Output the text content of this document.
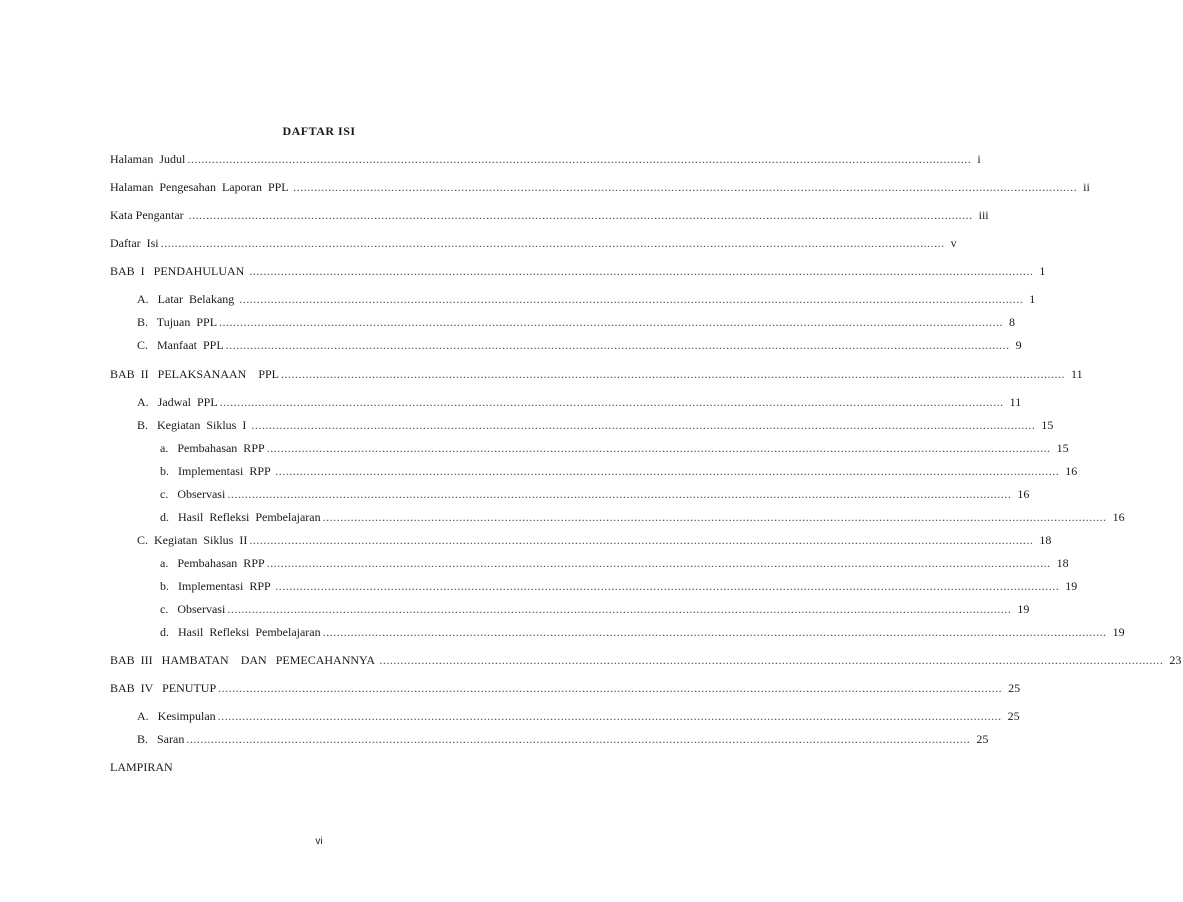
DAFTAR ISI
Halaman  Judul ................................................................................................................................................................................................................................ i
Halaman  Pengesahan  Laporan  PPL ................................................................................................................................................................................................................................ ii
Kata Pengantar ................................................................................................................................................................................................................................ iii
Daftar  Isi ................................................................................................................................................................................................................................ v
BAB  I   PENDAHULUAN ................................................................................................................................................................................................................................ 1
A.   Latar  Belakang ................................................................................................................................................................................................................................ 1
B.   Tujuan  PPL ................................................................................................................................................................................................................................ 8
C.   Manfaat  PPL ................................................................................................................................................................................................................................ 9
BAB  II   PELAKSANAAN    PPL ................................................................................................................................................................................................................................ 11
A.   Jadwal  PPL ................................................................................................................................................................................................................................ 11
B.   Kegiatan  Siklus  I ................................................................................................................................................................................................................................ 15
a.   Pembahasan  RPP ................................................................................................................................................................................................................................ 15
b.   Implementasi  RPP ................................................................................................................................................................................................................................ 16
c.   Observasi ................................................................................................................................................................................................................................ 16
d.   Hasil  Refleksi  Pembelajaran ................................................................................................................................................................................................................................ 16
C.  Kegiatan  Siklus  II ................................................................................................................................................................................................................................ 18
a.   Pembahasan  RPP ................................................................................................................................................................................................................................ 18
b.   Implementasi  RPP ................................................................................................................................................................................................................................ 19
c.   Observasi ................................................................................................................................................................................................................................ 19
d.   Hasil  Refleksi  Pembelajaran ................................................................................................................................................................................................................................ 19
BAB  III   HAMBATAN    DAN   PEMECAHANNYA ................................................................................................................................................................................................................................ 23
BAB  IV   PENUTUP ................................................................................................................................................................................................................................ 25
A.   Kesimpulan ................................................................................................................................................................................................................................ 25
B.   Saran ................................................................................................................................................................................................................................ 25
LAMPIRAN
vi
